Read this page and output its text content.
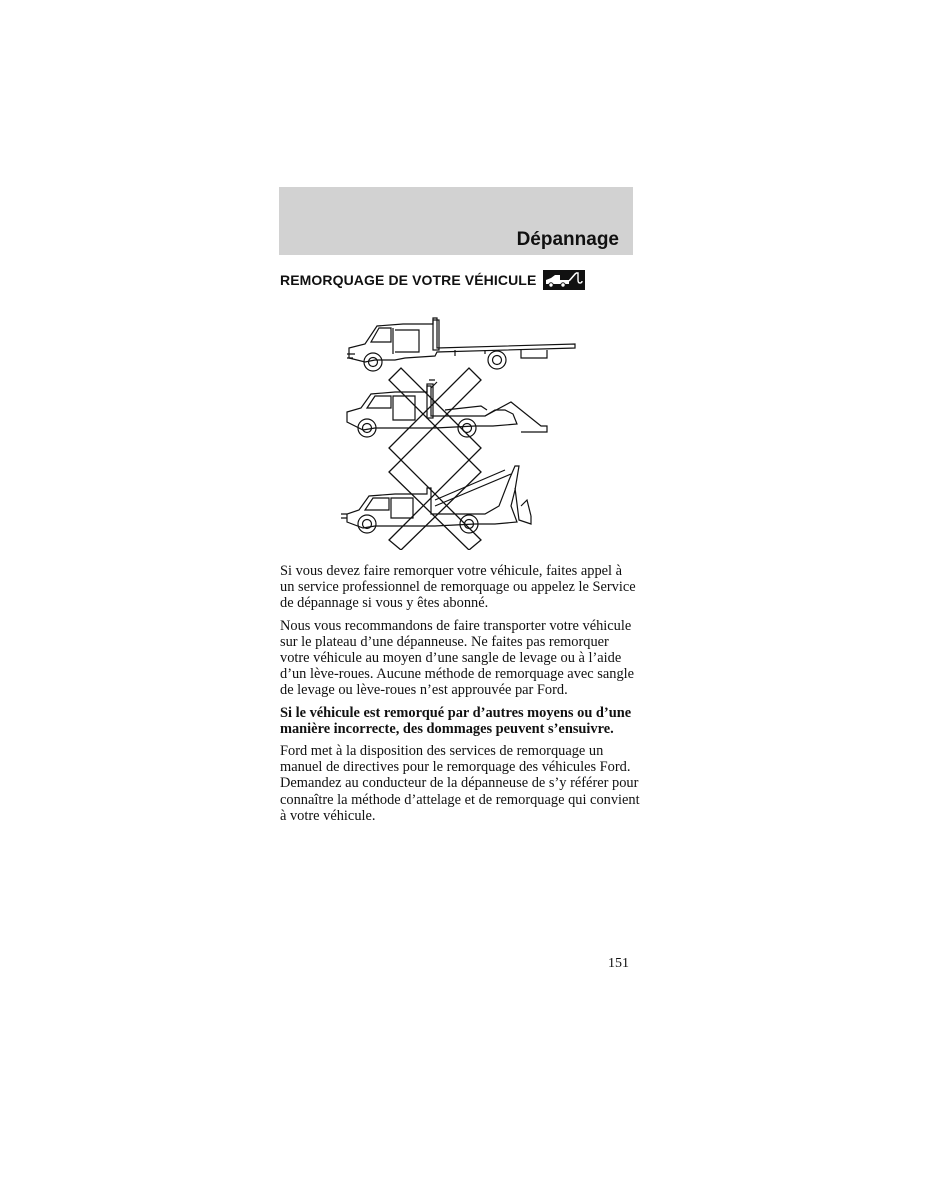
Dépannage
REMORQUAGE DE VOTRE VÉHICULE

Si vous devez faire remorquer votre véhicule, faites appel à un service professionnel de remorquage ou appelez le Service de dépannage si vous y êtes abonné.

Nous vous recommandons de faire transporter votre véhicule sur le plateau d’une dépanneuse. Ne faites pas remorquer votre véhicule au moyen d’une sangle de levage ou à l’aide d’un lève-roues. Aucune méthode de remorquage avec sangle de levage ou lève-roues n’est approuvée par Ford.

Si le véhicule est remorqué par d’autres moyens ou d’une manière incorrecte, des dommages peuvent s’ensuivre.

Ford met à la disposition des services de remorquage un manuel de directives pour le remorquage des véhicules Ford. Demandez au conducteur de la dépanneuse de s’y référer pour connaître la méthode d’attelage et de remorquage qui convient à votre véhicule.

151
